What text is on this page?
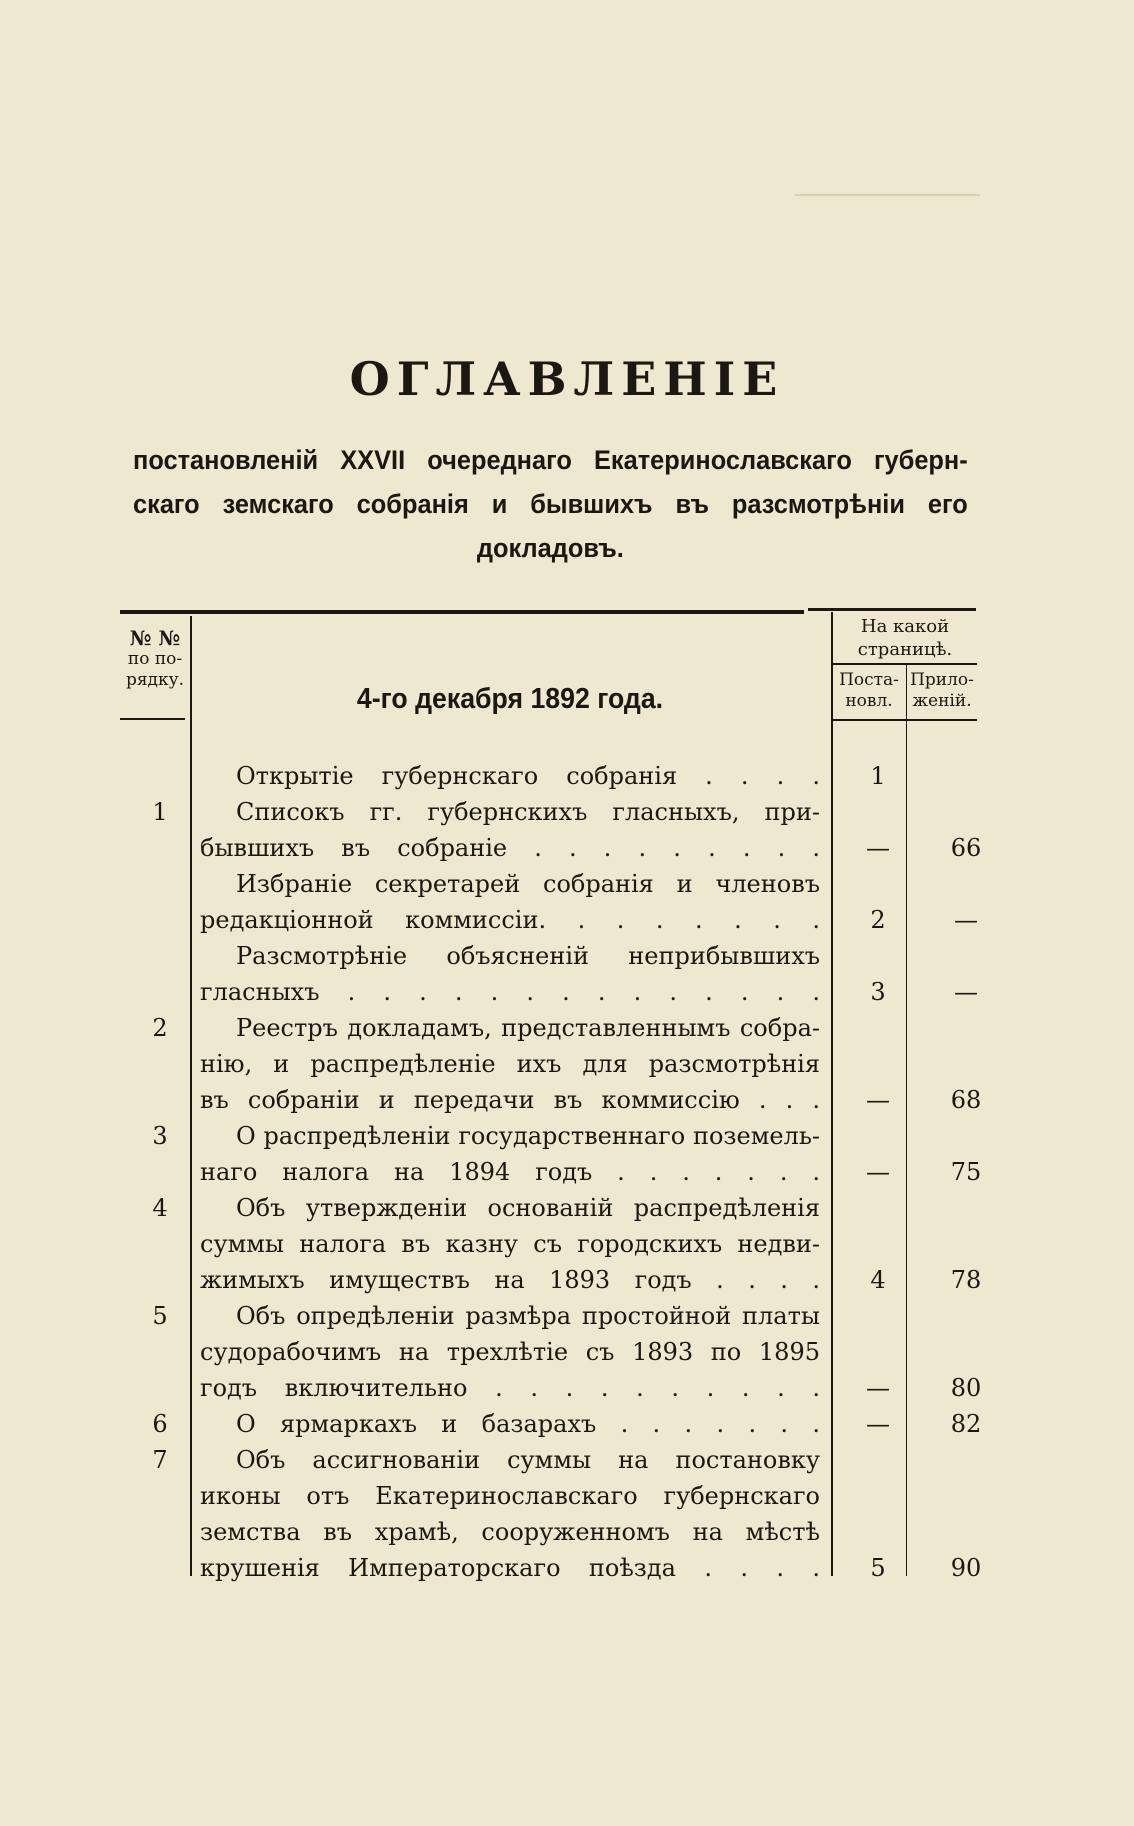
ОГЛАВЛЕНІЕ
постановленій XXVII очереднаго Екатеринославскаго губерн-
скаго земскаго собранія и бывшихъ въ разсмотрѣніи его
докладовъ.
№ №
по по-
рядку.
4-го декабря 1892 года.
На какой
страницѣ.
Поста-
новл.
Прило-
женій.
Открытіе губернскаго собранія . . . .	1
1	Списокъ гг. губернскихъ гласныхъ, при-
бывшихъ въ собраніе . . . . . . . . .	—	66
Избраніе секретарей собранія и членовъ
редакціонной коммиссіи. . . . . . . .	2	—
Разсмотрѣніе объясненій неприбывшихъ
гласныхъ . . . . . . . . . . . . . .	3	—
2	Реестръ докладамъ, представленнымъ собра-
нію, и распредѣленіе ихъ для разсмотрѣнія
въ собраніи и передачи въ коммиссію . . .	—	68
3	О распредѣленіи государственнаго поземель-
наго налога на 1894 годъ . . . . . . .	—	75
4	Объ утвержденіи основаній распредѣленія
суммы налога въ казну съ городскихъ недви-
жимыхъ имуществъ на 1893 годъ . . . .	4	78
5	Объ опредѣленіи размѣра простойной платы
судорабочимъ на трехлѣтіе съ 1893 по 1895
годъ включительно . . . . . . . . . .	—	80
6	О ярмаркахъ и базарахъ . . . . . . .	—	82
7	Объ ассигнованіи суммы на постановку
иконы отъ Екатеринославскаго губернскаго
земства въ храмѣ, сооруженномъ на мѣстѣ
крушенія Императорскаго поѣзда . . . .	5	90
